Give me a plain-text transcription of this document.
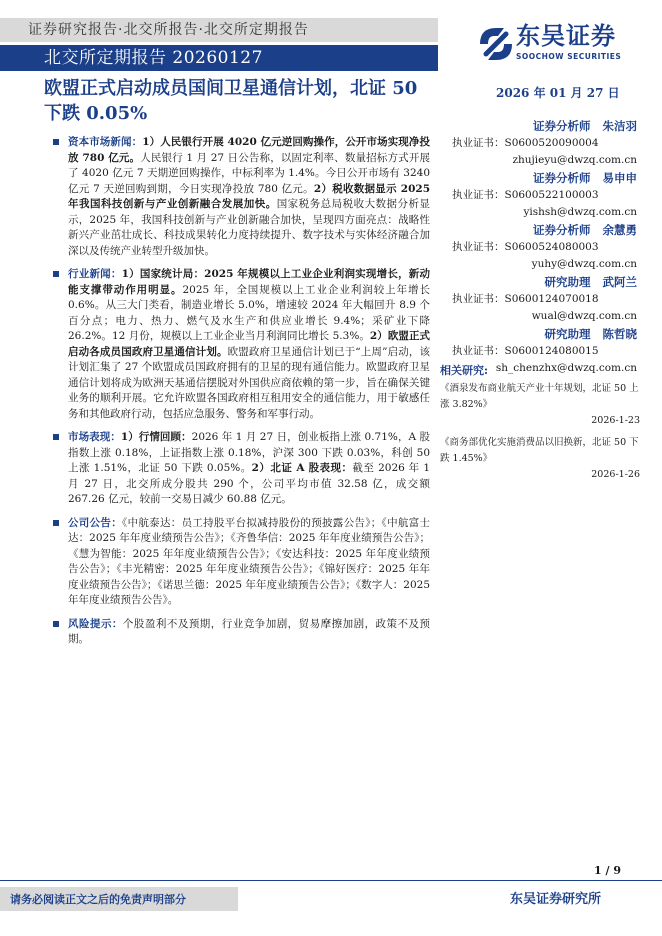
证券研究报告·北交所报告·北交所定期报告
北交所定期报告 20260127
东吴证券
SOOCHOW SECURITIES
欧盟正式启动成员国间卫星通信计划，北证 50 下跌 0.05%
2026 年 01 月 27 日
资本市场新闻：1）人民银行开展 4020 亿元逆回购操作，公开市场实现净投放 780 亿元。人民银行 1 月 27 日公告称，以固定利率、数量招标方式开展了 4020 亿元 7 天期逆回购操作，中标利率为 1.4%。今日公开市场有 3240 亿元 7 天逆回购到期，今日实现净投放 780 亿元。2）税收数据显示 2025 年我国科技创新与产业创新融合发展加快。国家税务总局税收大数据分析显示，2025 年，我国科技创新与产业创新融合加快，呈现四方面亮点：战略性新兴产业茁壮成长、科技成果转化力度持续提升、数字技术与实体经济融合加深以及传统产业转型升级加快。
行业新闻：1）国家统计局：2025 年规模以上工业企业利润实现增长，新动能支撑带动作用明显。2025 年，全国规模以上工业企业利润较上年增长 0.6%。从三大门类看，制造业增长 5.0%，增速较 2024 年大幅回升 8.9 个百分点；电力、热力、燃气及水生产和供应业增长 9.4%；采矿业下降 26.2%。12 月份，规模以上工业企业当月利润同比增长 5.3%。2）欧盟正式启动各成员国政府卫星通信计划。欧盟政府卫星通信计划已于“上周”启动，该计划汇集了 27 个欧盟成员国政府拥有的卫星的现有通信能力。欧盟政府卫星通信计划将成为欧洲天基通信摆脱对外国供应商依赖的第一步，旨在确保关键业务的顺利开展。它允许欧盟各国政府相互租用安全的通信能力，用于敏感任务和其他政府行动，包括应急服务、警务和军事行动。
市场表现：1）行情回顾：2026 年 1 月 27 日，创业板指上涨 0.71%，A 股指数上涨 0.18%，上证指数上涨 0.18%，沪深 300 下跌 0.03%，科创 50 上涨 1.51%，北证 50 下跌 0.05%。2）北证 A 股表现：截至 2026 年 1 月 27 日，北交所成分股共 290 个，公司平均市值 32.58 亿，成交额 267.26 亿元，较前一交易日减少 60.88 亿元。
公司公告：《中航泰达：员工持股平台拟减持股份的预披露公告》；《中航富士达：2025 年年度业绩预告公告》；《齐鲁华信：2025 年年度业绩预告公告》；《慧为智能：2025 年年度业绩预告公告》；《安达科技：2025 年年度业绩预告公告》；《丰光精密：2025 年年度业绩预告公告》；《锦好医疗：2025 年年度业绩预告公告》；《诺思兰德：2025 年年度业绩预告公告》；《数字人：2025 年年度业绩预告公告》。
风险提示：个股盈利不及预期，行业竞争加剧，贸易摩擦加剧，政策不及预期。
证券分析师 朱洁羽
执业证书：S0600520090004
zhujieyu@dwzq.com.cn
证券分析师 易申申
执业证书：S0600522100003
yishsh@dwzq.com.cn
证券分析师 余慧勇
执业证书：S0600524080003
yuhy@dwzq.com.cn
研究助理 武阿兰
执业证书：S0600124070018
wual@dwzq.com.cn
研究助理 陈哲晓
执业证书：S0600124080015
sh_chenzhx@dwzq.com.cn
相关研究:
《酒泉发布商业航天产业十年规划，北证 50 上涨 3.82%》
2026-1-23
《商务部优化实施消费品以旧换新，北证 50 下跌 1.45%》
2026-1-26
1 / 9
请务必阅读正文之后的免责声明部分	东吴证券研究所
